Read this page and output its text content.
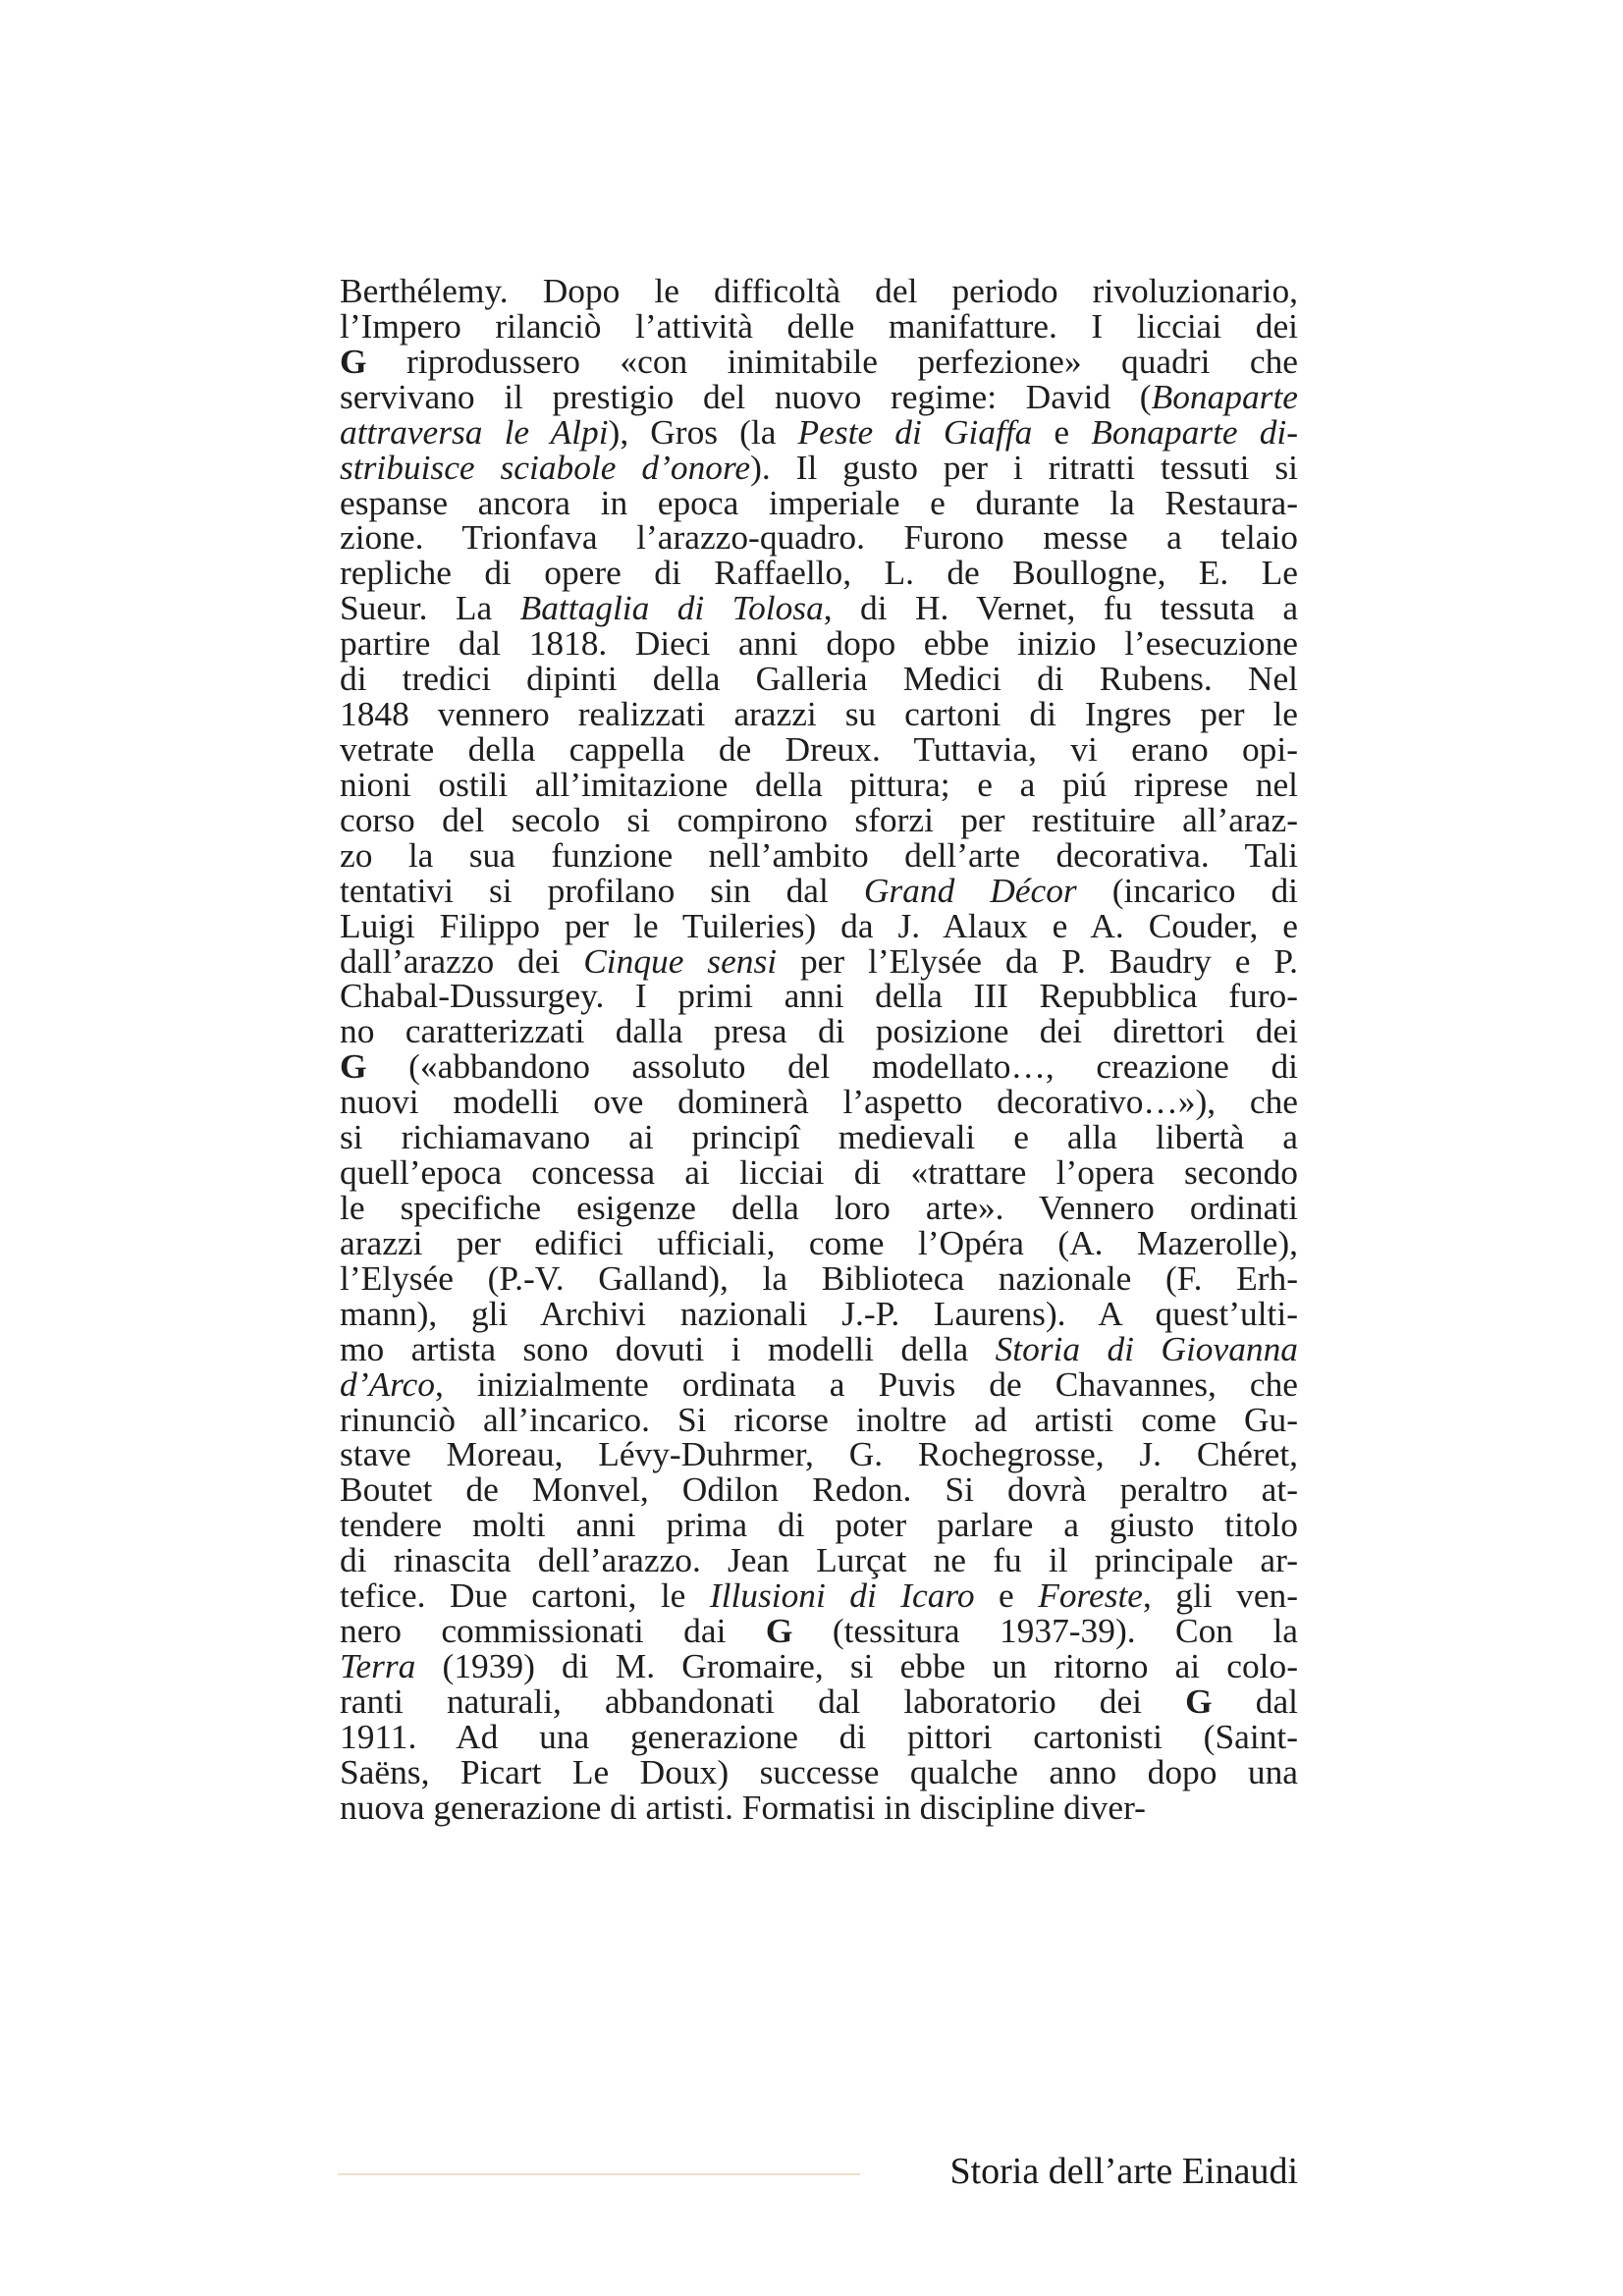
Berthélemy. Dopo le difficoltà del periodo rivoluzionario,
l’Impero rilanciò l’attività delle manifatture. I licciai dei
G riprodussero «con inimitabile perfezione» quadri che
servivano il prestigio del nuovo regime: David (Bonaparte
attraversa le Alpi), Gros (la Peste di Giaffa e Bonaparte di-
stribuisce sciabole d’onore). Il gusto per i ritratti tessuti si
espanse ancora in epoca imperiale e durante la Restaura-
zione. Trionfava l’arazzo-quadro. Furono messe a telaio
repliche di opere di Raffaello, L. de Boullogne, E. Le
Sueur. La Battaglia di Tolosa, di H. Vernet, fu tessuta a
partire dal 1818. Dieci anni dopo ebbe inizio l’esecuzione
di tredici dipinti della Galleria Medici di Rubens. Nel
1848 vennero realizzati arazzi su cartoni di Ingres per le
vetrate della cappella de Dreux. Tuttavia, vi erano opi-
nioni ostili all’imitazione della pittura; e a piú riprese nel
corso del secolo si compirono sforzi per restituire all’araz-
zo la sua funzione nell’ambito dell’arte decorativa. Tali
tentativi si profilano sin dal Grand Décor (incarico di
Luigi Filippo per le Tuileries) da J. Alaux e A. Couder, e
dall’arazzo dei Cinque sensi per l’Elysée da P. Baudry e P.
Chabal-Dussurgey. I primi anni della III Repubblica furo-
no caratterizzati dalla presa di posizione dei direttori dei
G («abbandono assoluto del modellato…, creazione di
nuovi modelli ove dominerà l’aspetto decorativo…»), che
si richiamavano ai principî medievali e alla libertà a
quell’epoca concessa ai licciai di «trattare l’opera secondo
le specifiche esigenze della loro arte». Vennero ordinati
arazzi per edifici ufficiali, come l’Opéra (A. Mazerolle),
l’Elysée (P.-V. Galland), la Biblioteca nazionale (F. Erh-
mann), gli Archivi nazionali J.-P. Laurens). A quest’ulti-
mo artista sono dovuti i modelli della Storia di Giovanna
d’Arco, inizialmente ordinata a Puvis de Chavannes, che
rinunciò all’incarico. Si ricorse inoltre ad artisti come Gu-
stave Moreau, Lévy-Duhrmer, G. Rochegrosse, J. Chéret,
Boutet de Monvel, Odilon Redon. Si dovrà peraltro at-
tendere molti anni prima di poter parlare a giusto titolo
di rinascita dell’arazzo. Jean Lurçat ne fu il principale ar-
tefice. Due cartoni, le Illusioni di Icaro e Foreste, gli ven-
nero commissionati dai G (tessitura 1937-39). Con la
Terra (1939) di M. Gromaire, si ebbe un ritorno ai colo-
ranti naturali, abbandonati dal laboratorio dei G dal
1911. Ad una generazione di pittori cartonisti (Saint-
Saëns, Picart Le Doux) successe qualche anno dopo una
nuova generazione di artisti. Formatisi in discipline diver-
Storia dell’arte Einaudi
